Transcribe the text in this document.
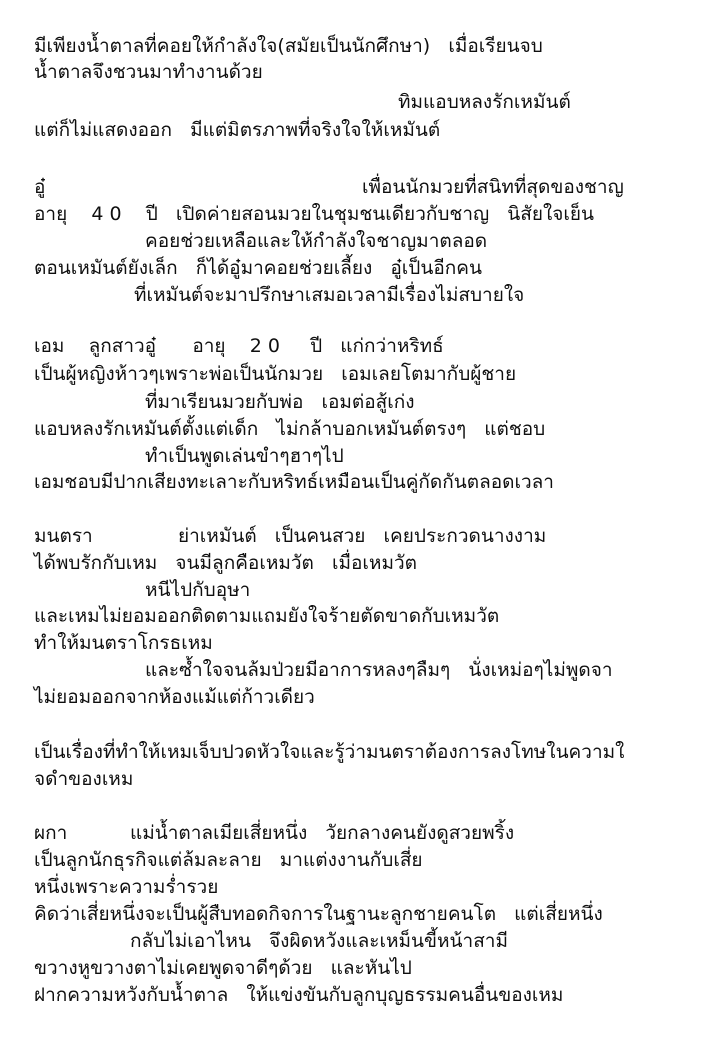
มีเพียงน้ำตาลที่คอยให้กำลังใจ(สมัยเป็นนักศึกษา)   เมื่อเรียนจบ
น้ำตาลจึงชวนมาทำงานด้วย
ทิมแอบหลงรักเหมันต์
แต่ก็ไม่แสดงออก   มีแต่มิตรภาพที่จริงใจให้เหมันต์
อู๋	เพื่อนนักมวยที่สนิทที่สุดของชาญ
อายุ    4 0    ปี   เปิดค่ายสอนมวยในชุมชนเดียวกับชาญ   นิสัยใจเย็น
คอยช่วยเหลือและให้กำลังใจชาญมาตลอด
ตอนเหมันต์ยังเล็ก   ก็ได้อู๋มาคอยช่วยเลี้ยง   อู๋เป็นอีกคน
ที่เหมันต์จะมาปรึกษาเสมอเวลามีเรื่องไม่สบายใจ
เอม    ลูกสาวอู๋      อายุ    2 0     ปี   แก่กว่าหริทธ์
เป็นผู้หญิงห้าวๆเพราะพ่อเป็นนักมวย   เอมเลยโตมากับผู้ชาย
ที่มาเรียนมวยกับพ่อ   เอมต่อสู้เก่ง
แอบหลงรักเหมันต์ตั้งแต่เด็ก   ไม่กล้าบอกเหมันต์ตรงๆ   แต่ชอบ
ทำเป็นพูดเล่นขำๆฮาๆไป
เอมชอบมีปากเสียงทะเลาะกับหริทธ์เหมือนเป็นคู่กัดกันตลอดเวลา
มนตรา	ย่าเหมันต์   เป็นคนสวย   เคยประกวดนางงาม
ได้พบรักกับเหม   จนมีลูกคือเหมวัต   เมื่อเหมวัต
หนีไปกับอุษา
และเหมไม่ยอมออกติดตามแถมยังใจร้ายตัดขาดกับเหมวัต
ทำให้มนตราโกรธเหม
และซ้ำใจจนล้มป่วยมีอาการหลงๆลืมๆ   นั่งเหม่อๆไม่พูดจา
ไม่ยอมออกจากห้องแม้แต่ก้าวเดียว
เป็นเรื่องที่ทำให้เหมเจ็บปวดหัวใจและรู้ว่ามนตราต้องการลงโทษในความใ
จดำของเหม
ผกา	แม่น้ำตาลเมียเสี่ยหนึ่ง   วัยกลางคนยังดูสวยพริ้ง
เป็นลูกนักธุรกิจแต่ล้มละลาย   มาแต่งงานกับเสี่ย
หนึ่งเพราะความร่ำรวย
คิดว่าเสี่ยหนึ่งจะเป็นผู้สืบทอดกิจการในฐานะลูกชายคนโต   แต่เสี่ยหนึ่ง
กลับไม่เอาไหน   จึงผิดหวังและเหม็นขี้หน้าสามี
ขวางหูขวางตาไม่เคยพูดจาดีๆด้วย   และหันไป
ฝากความหวังกับน้ำตาล   ให้แข่งขันกับลูกบุญธรรมคนอื่นของเหม
